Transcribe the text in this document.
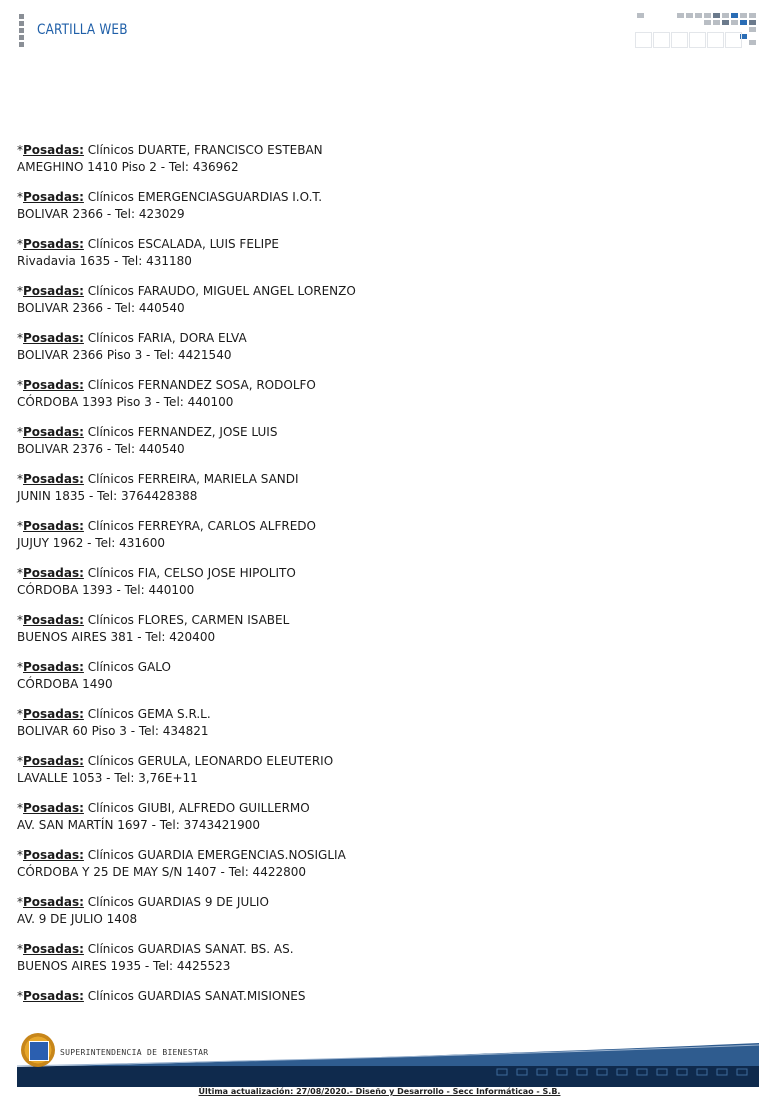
CARTILLA WEB
*Posadas: Clínicos DUARTE, FRANCISCO ESTEBAN
AMEGHINO 1410 Piso 2 - Tel: 436962
*Posadas: Clínicos EMERGENCIASGUARDIAS I.O.T.
BOLIVAR 2366 - Tel: 423029
*Posadas: Clínicos ESCALADA, LUIS FELIPE
Rivadavia 1635 - Tel: 431180
*Posadas: Clínicos FARAUDO, MIGUEL ANGEL LORENZO
BOLIVAR 2366 - Tel: 440540
*Posadas: Clínicos FARIA, DORA ELVA
BOLIVAR 2366 Piso 3 - Tel: 4421540
*Posadas: Clínicos FERNANDEZ SOSA, RODOLFO
CÓRDOBA 1393 Piso 3 - Tel: 440100
*Posadas: Clínicos FERNANDEZ, JOSE LUIS
BOLIVAR 2376 - Tel: 440540
*Posadas: Clínicos FERREIRA, MARIELA SANDI
JUNIN 1835 - Tel: 3764428388
*Posadas: Clínicos FERREYRA, CARLOS ALFREDO
JUJUY 1962 - Tel: 431600
*Posadas: Clínicos FIA, CELSO JOSE HIPOLITO
CÓRDOBA 1393 - Tel: 440100
*Posadas: Clínicos FLORES, CARMEN ISABEL
BUENOS AIRES 381 - Tel: 420400
*Posadas: Clínicos GALO
CÓRDOBA 1490
*Posadas: Clínicos GEMA S.R.L.
BOLIVAR 60 Piso 3 - Tel: 434821
*Posadas: Clínicos GERULA, LEONARDO ELEUTERIO
LAVALLE 1053 - Tel: 3,76E+11
*Posadas: Clínicos GIUBI, ALFREDO GUILLERMO
AV. SAN MARTÍN 1697 - Tel: 3743421900
*Posadas: Clínicos GUARDIA EMERGENCIAS.NOSIGLIA
CÓRDOBA Y 25 DE MAY S/N 1407 - Tel: 4422800
*Posadas: Clínicos GUARDIAS 9 DE JULIO
AV. 9 DE JULIO 1408
*Posadas: Clínicos GUARDIAS SANAT. BS. AS.
BUENOS AIRES 1935 - Tel: 4425523
*Posadas: Clínicos GUARDIAS SANAT.MISIONES
SUPERINTENDENCIA DE BIENESTAR
Última actualización: 27/08/2020.- Diseño y Desarrollo - Secc Informáticao - S.B.
